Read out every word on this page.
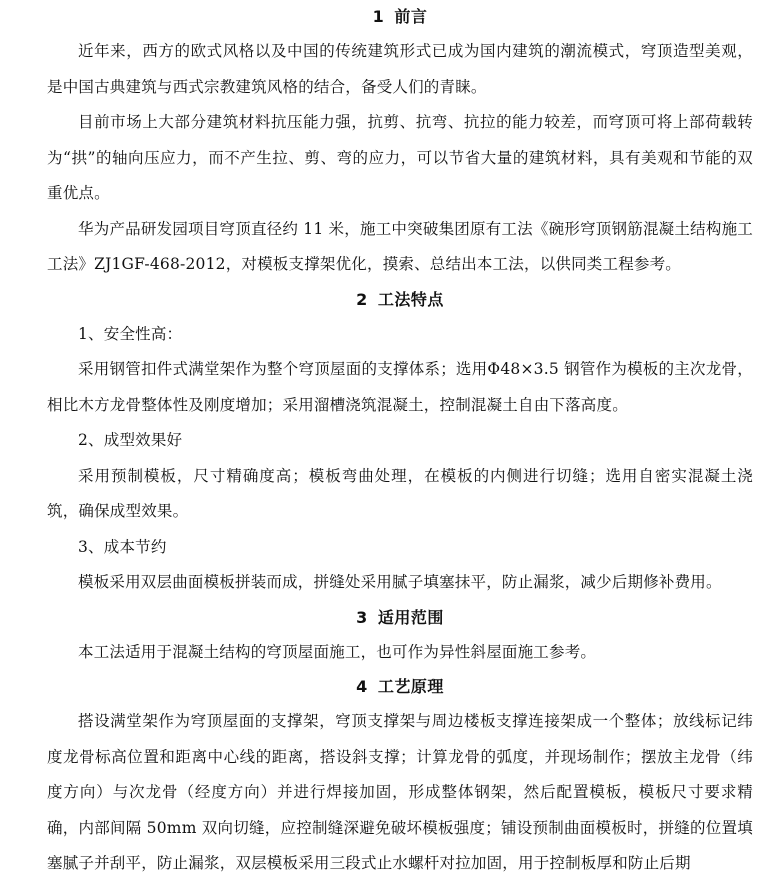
1 前言

近年来，西方的欧式风格以及中国的传统建筑形式已成为国内建筑的潮流模式，穹顶造型美观，是中国古典建筑与西式宗教建筑风格的结合，备受人们的青睐。

目前市场上大部分建筑材料抗压能力强，抗剪、抗弯、抗拉的能力较差，而穹顶可将上部荷载转为“拱”的轴向压应力，而不产生拉、剪、弯的应力，可以节省大量的建筑材料，具有美观和节能的双重优点。

华为产品研发园项目穹顶直径约 11 米，施工中突破集团原有工法《碗形穹顶钢筋混凝土结构施工工法》ZJ1GF-468-2012，对模板支撑架优化，摸索、总结出本工法，以供同类工程参考。

2 工法特点

1、安全性高：

采用钢管扣件式满堂架作为整个穹顶屋面的支撑体系；选用Φ48×3.5 钢管作为模板的主次龙骨，相比木方龙骨整体性及刚度增加；采用溜槽浇筑混凝土，控制混凝土自由下落高度。

2、成型效果好

采用预制模板，尺寸精确度高；模板弯曲处理，在模板的内侧进行切缝；选用自密实混凝土浇筑，确保成型效果。

3、成本节约

模板采用双层曲面模板拼装而成，拼缝处采用腻子填塞抹平，防止漏浆，减少后期修补费用。

3 适用范围

本工法适用于混凝土结构的穹顶屋面施工，也可作为异性斜屋面施工参考。

4 工艺原理

搭设满堂架作为穹顶屋面的支撑架，穹顶支撑架与周边楼板支撑连接架成一个整体；放线标记纬度龙骨标高位置和距离中心线的距离，搭设斜支撑；计算龙骨的弧度，并现场制作；摆放主龙骨（纬度方向）与次龙骨（经度方向）并进行焊接加固，形成整体钢架，然后配置模板，模板尺寸要求精确，内部间隔 50mm 双向切缝，应控制缝深避免破坏模板强度；铺设预制曲面模板时，拼缝的位置填塞腻子并刮平，防止漏浆，双层模板采用三段式止水螺杆对拉加固，用于控制板厚和防止后期
